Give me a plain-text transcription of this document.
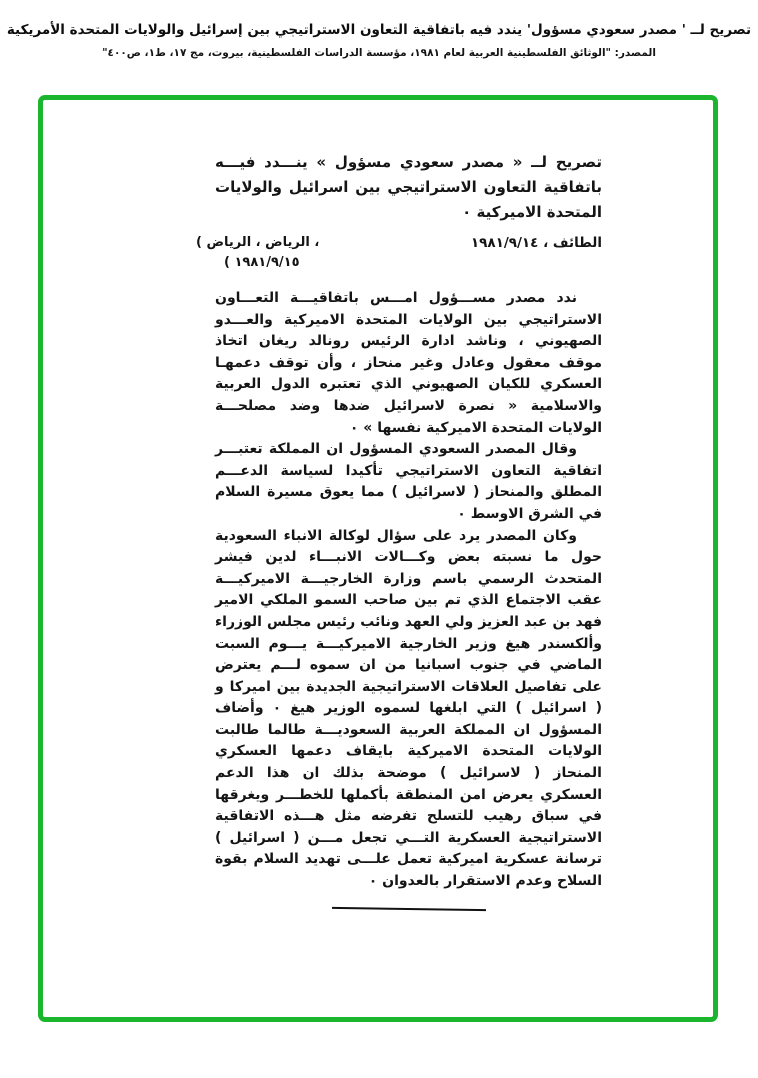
تصريح لــ ' مصدر سعودي مسؤول' يندد فيه باتفاقية التعاون الاستراتيجي بين إسرائيل والولايات المتحدة الأمريكية
المصدر: "الوثائق الفلسطينية العربية لعام ١٩٨١، مؤسسة الدراسات الفلسطينية، بيروت، مج ١٧، ط١، ص٤٠٠"

تصريح لــ « مصدر سعودي مسؤول » ينـــدد فيـــه باتفاقية التعاون الاستراتيجي بين اسرائيل والولايات المتحدة الاميركية ٠

الطائف ، ١٩٨١/٩/١٤
( الرياض ، الرياض ،
( ١٩٨١/٩/١٥

ندد مصدر مســـؤول امـــس باتفاقيـــة التعـــاون الاستراتيجي بين الولايات المتحدة الاميركية والعـــدو الصهيوني ، وناشد ادارة الرئيس رونالد ريغان اتخاذ موقف معقول وعادل وغير منحاز ، وأن توقف دعمهـا العسكري للكيان الصهيوني الذي تعتبره الدول العربية والاسلامية « نصرة لاسرائيل ضدها وضد مصلحـــة الولايات المتحدة الاميركية نفسها » ٠

وقال المصدر السعودي المسؤول ان المملكة تعتبـــر اتفاقية التعاون الاستراتيجي تأكيدا لسياسة الدعـــم المطلق والمنحاز ( لاسرائيل ) مما يعوق مسيرة السلام في الشرق الاوسط ٠

وكان المصدر يرد على سؤال لوكالة الانباء السعودية حول ما نسبته بعض وكـــالات الانبـــاء لدين فيشر المتحدث الرسمي باسم وزارة الخارجيـــة الاميركيـــة عقب الاجتماع الذي تم بين صاحب السمو الملكي الامير فهد بن عبد العزيز ولي العهد ونائب رئيس مجلس الوزراء وألكسندر هيغ وزير الخارجية الاميركيـــة يـــوم السبت الماضي في جنوب اسبانيا من ان سموه لـــم يعترض على تفاصيل العلاقات الاستراتيجية الجديدة بين اميركا و ( اسرائيل ) التي ابلغها لسموه الوزير هيغ ٠ وأضاف المسؤول ان المملكة العربية السعوديـــة طالما طالبت الولايات المتحدة الاميركية بايقاف دعمها العسكري المنحاز ( لاسرائيل ) موضحة بذلك ان هذا الدعم العسكري يعرض امن المنطقة بأكملها للخطـــر ويغرقها في سباق رهيب للتسلح تفرضه مثل هـــذه الاتفاقية الاستراتيجية العسكرية التـــي تجعل مـــن ( اسرائيل ) ترسانة عسكرية اميركية تعمل علـــى تهديد السلام بقوة السلاح وعدم الاستقرار بالعدوان ٠
